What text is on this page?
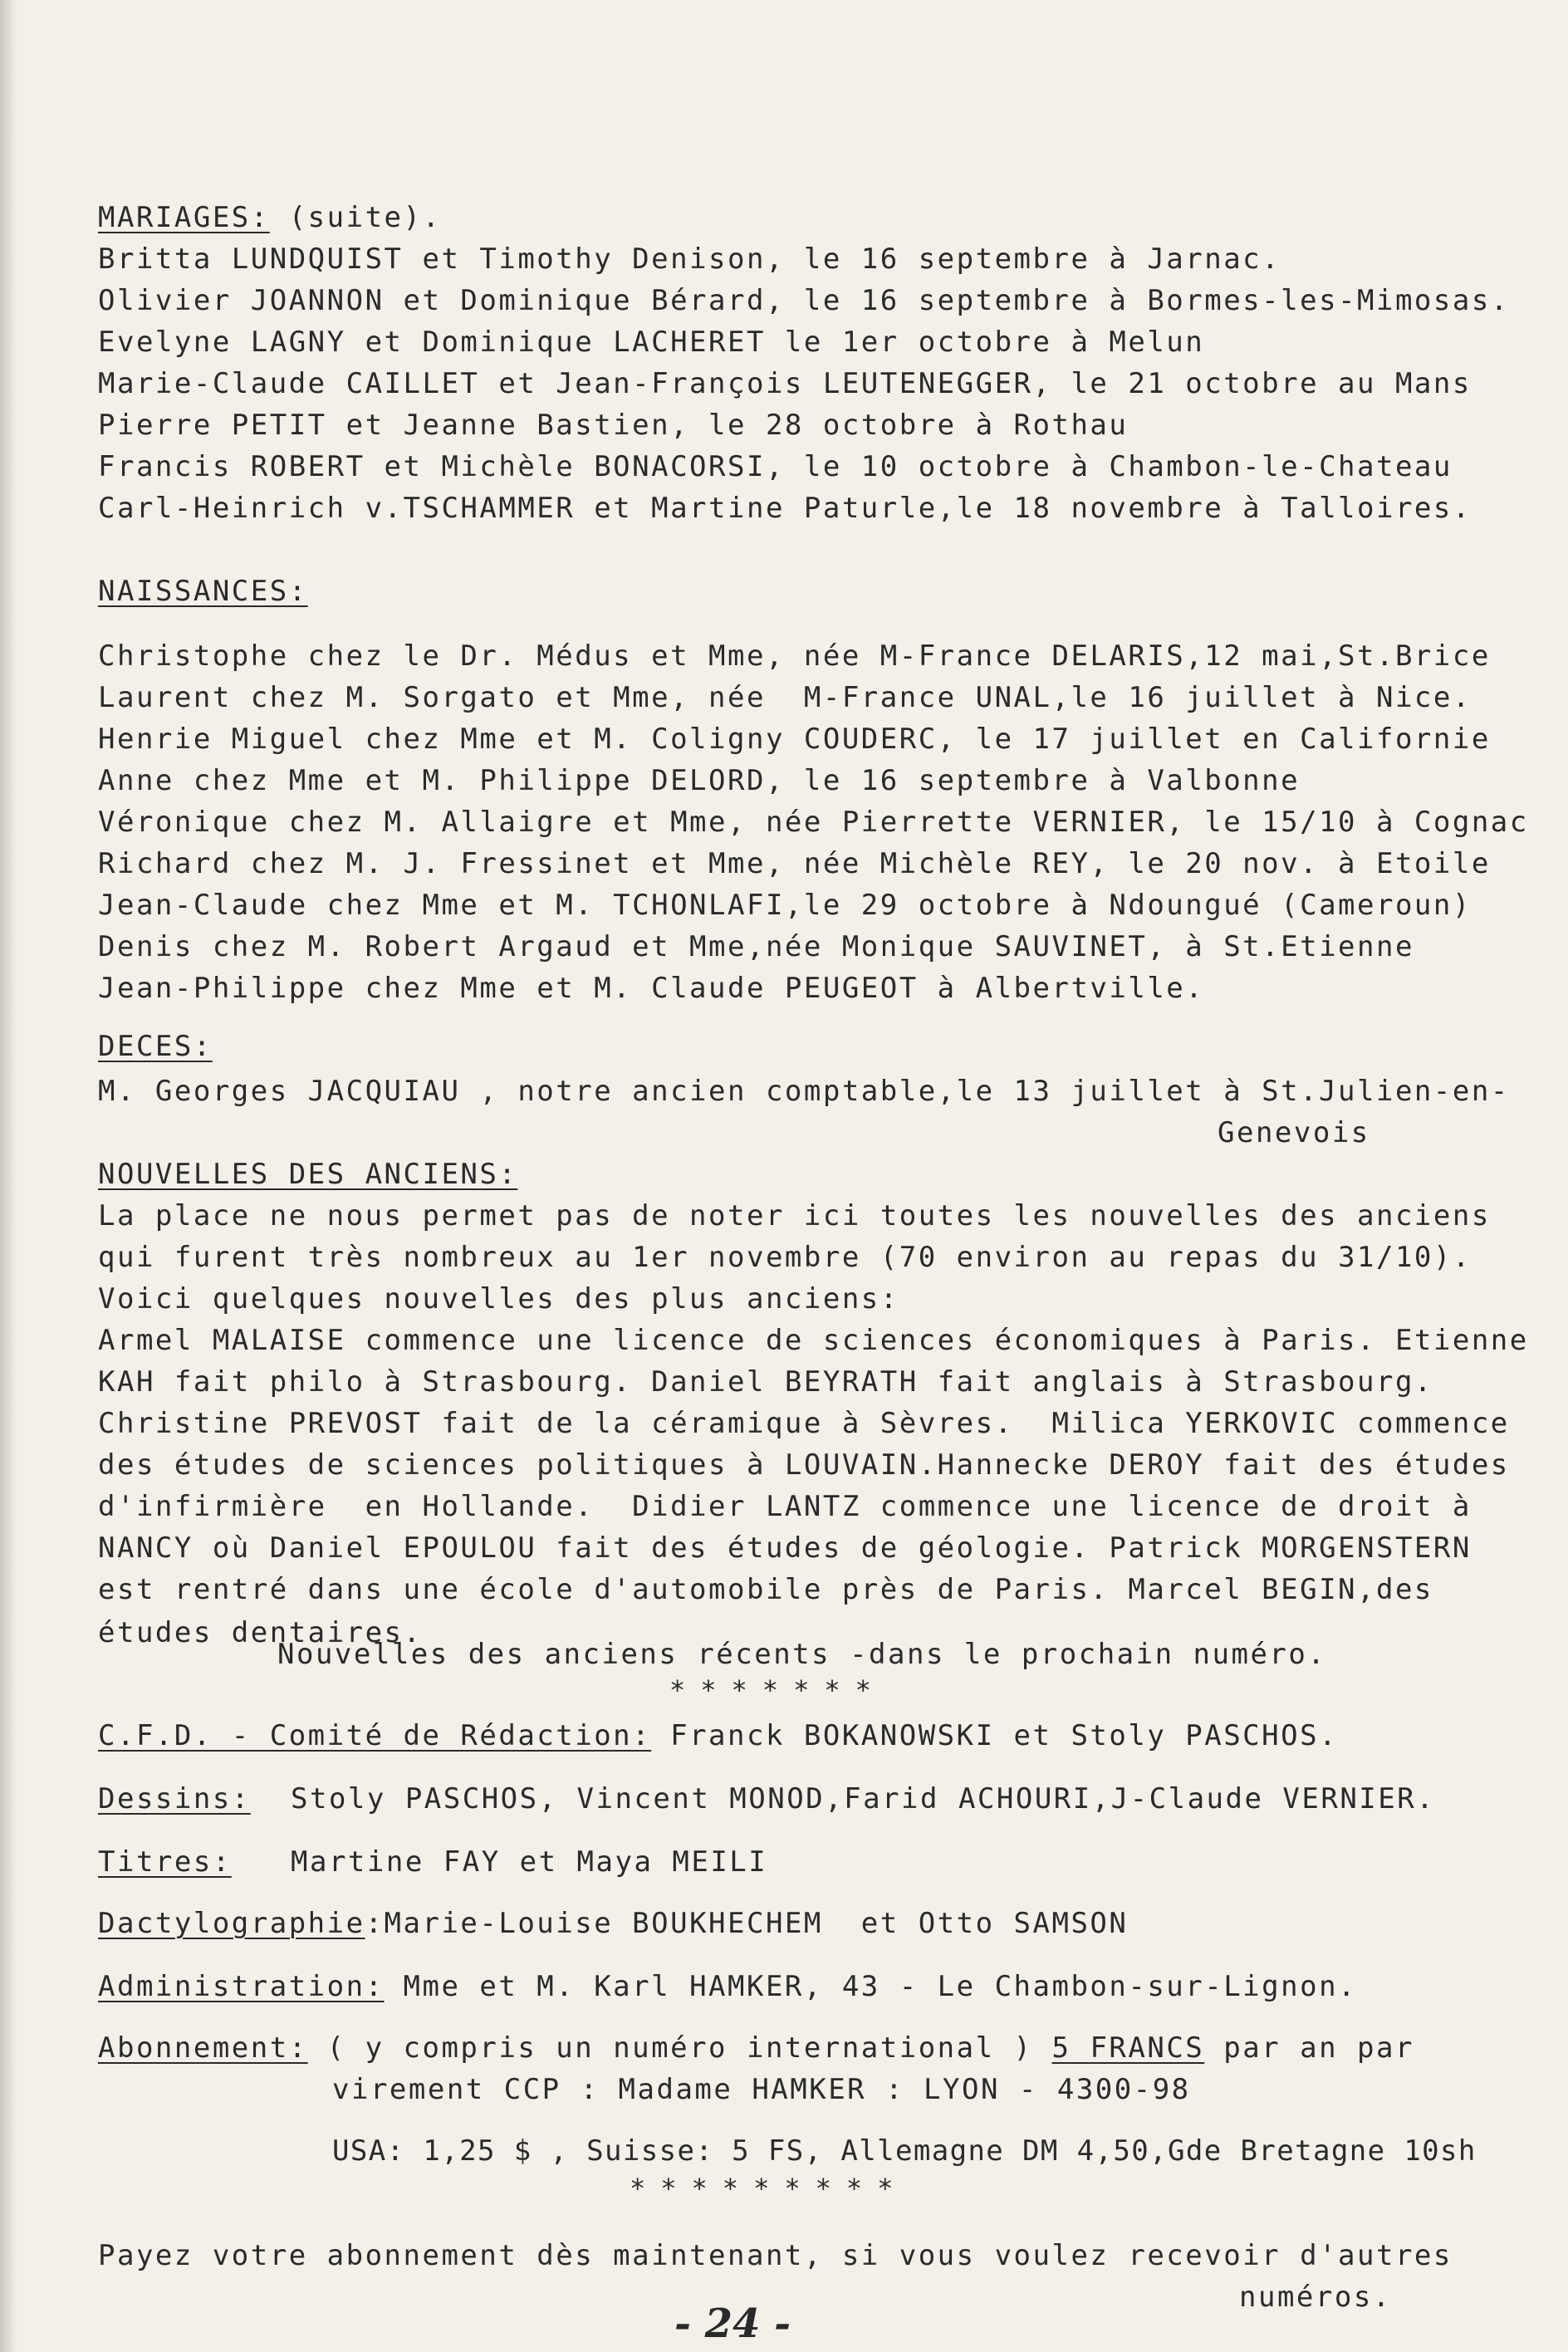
MARIAGES: (suite).
Britta LUNDQUIST et Timothy Denison, le 16 septembre à Jarnac.
Olivier JOANNON et Dominique Bérard, le 16 septembre à Bormes-les-Mimosas.
Evelyne LAGNY et Dominique LACHERET le 1er octobre à Melun
Marie-Claude CAILLET et Jean-François LEUTENEGGER, le 21 octobre au Mans
Pierre PETIT et Jeanne Bastien, le 28 octobre à Rothau
Francis ROBERT et Michèle BONACORSI, le 10 octobre à Chambon-le-Chateau
Carl-Heinrich v.TSCHAMMER et Martine Paturle,le 18 novembre à Talloires.
NAISSANCES:
Christophe chez le Dr. Médus et Mme, née M-France DELARIS,12 mai,St.Brice
Laurent chez M. Sorgato et Mme, née  M-France UNAL,le 16 juillet à Nice.
Henrie Miguel chez Mme et M. Coligny COUDERC, le 17 juillet en Californie
Anne chez Mme et M. Philippe DELORD, le 16 septembre à Valbonne
Véronique chez M. Allaigre et Mme, née Pierrette VERNIER, le 15/10 à Cognac
Richard chez M. J. Fressinet et Mme, née Michèle REY, le 20 nov. à Etoile
Jean-Claude chez Mme et M. TCHONLAFI,le 29 octobre à Ndoungué (Cameroun)
Denis chez M. Robert Argaud et Mme,née Monique SAUVINET, à St.Etienne
Jean-Philippe chez Mme et M. Claude PEUGEOT à Albertville.
DECES:
M. Georges JACQUIAU , notre ancien comptable,le 13 juillet à St.Julien-en-
Genevois
NOUVELLES DES ANCIENS:
La place ne nous permet pas de noter ici toutes les nouvelles des anciens
qui furent très nombreux au 1er novembre (70 environ au repas du 31/10).
Voici quelques nouvelles des plus anciens:
Armel MALAISE commence une licence de sciences économiques à Paris. Etienne
KAH fait philo à Strasbourg. Daniel BEYRATH fait anglais à Strasbourg.
Christine PREVOST fait de la céramique à Sèvres.  Milica YERKOVIC commence
des études de sciences politiques à LOUVAIN.Hannecke DEROY fait des études
d'infirmière  en Hollande.  Didier LANTZ commence une licence de droit à
NANCY où Daniel EPOULOU fait des études de géologie. Patrick MORGENSTERN
est rentré dans une école d'automobile près de Paris. Marcel BEGIN,des
études dentaires.
Nouvelles des anciens récents -dans le prochain numéro.
*******
C.F.D. - Comité de Rédaction: Franck BOKANOWSKI et Stoly PASCHOS.
Dessins: Stoly PASCHOS, Vincent MONOD,Farid ACHOURI,J-Claude VERNIER.
Titres: Martine FAY et Maya MEILI
Dactylographie:Marie-Louise BOUKHECHEM  et Otto SAMSON
Administration: Mme et M. Karl HAMKER, 43 - Le Chambon-sur-Lignon.
Abonnement: ( y compris un numéro international ) 5 FRANCS par an par
virement CCP : Madame HAMKER : LYON - 4300-98
USA: 1,25 $ , Suisse: 5 FS, Allemagne DM 4,50,Gde Bretagne 10sh
*********
Payez votre abonnement dès maintenant, si vous voulez recevoir d'autres
numéros.
- 24 -
